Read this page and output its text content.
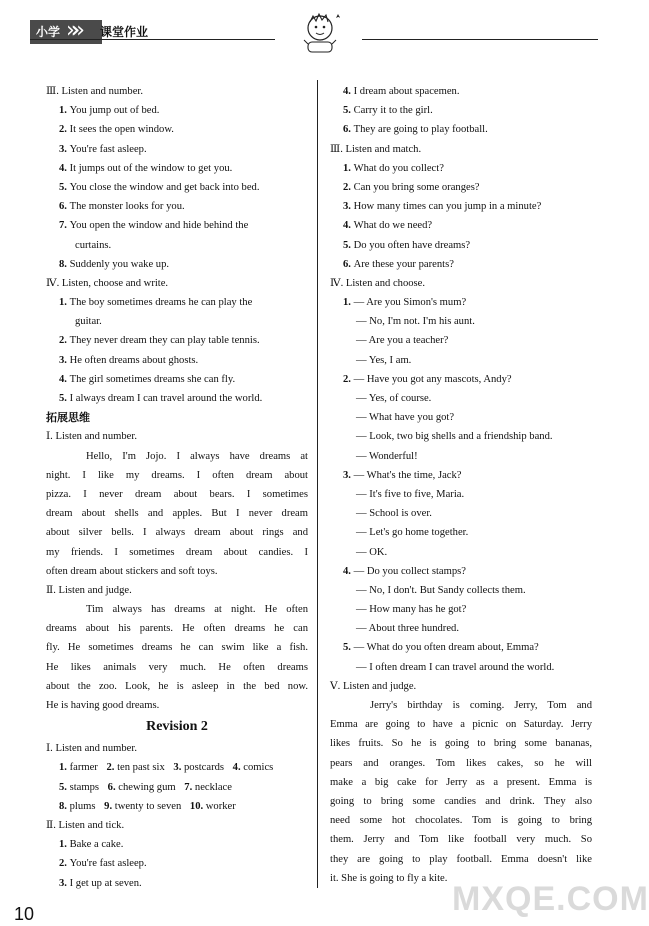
小学 »» 课堂作业
Ⅲ. Listen and number.
1. You jump out of bed.
2. It sees the open window.
3. You're fast asleep.
4. It jumps out of the window to get you.
5. You close the window and get back into bed.
6. The monster looks for you.
7. You open the window and hide behind the
curtains.
8. Suddenly you wake up.
Ⅳ. Listen, choose and write.
1. The boy sometimes dreams he can play the
guitar.
2. They never dream they can play table tennis.
3. He often dreams about ghosts.
4. The girl sometimes dreams she can fly.
5. I always dream I can travel around the world.
拓展思维
Ⅰ. Listen and number.
Hello, I'm Jojo. I always have dreams at
night. I like my dreams. I often dream about
pizza. I never dream about bears. I sometimes
dream about shells and apples. But I never dream
about silver bells. I always dream about rings and
my friends. I sometimes dream about candies. I
often dream about stickers and soft toys.
Ⅱ. Listen and judge.
Tim always has dreams at night. He often
dreams about his parents. He often dreams he can
fly. He sometimes dreams he can swim like a fish.
He likes animals very much. He often dreams
about the zoo. Look, he is asleep in the bed now.
He is having good dreams.
Revision 2
Ⅰ. Listen and number.
1. farmer 2. ten past six 3. postcards 4. comics
5. stamps 6. chewing gum 7. necklace
8. plums 9. twenty to seven 10. worker
Ⅱ. Listen and tick.
1. Bake a cake.
2. You're fast asleep.
3. I get up at seven.
4. I dream about spacemen.
5. Carry it to the girl.
6. They are going to play football.
Ⅲ. Listen and match.
1. What do you collect?
2. Can you bring some oranges?
3. How many times can you jump in a minute?
4. What do we need?
5. Do you often have dreams?
6. Are these your parents?
Ⅳ. Listen and choose.
1. — Are you Simon's mum?
— No, I'm not. I'm his aunt.
— Are you a teacher?
— Yes, I am.
2. — Have you got any mascots, Andy?
— Yes, of course.
— What have you got?
— Look, two big shells and a friendship band.
— Wonderful!
3. — What's the time, Jack?
— It's five to five, Maria.
— School is over.
— Let's go home together.
— OK.
4. — Do you collect stamps?
— No, I don't. But Sandy collects them.
— How many has he got?
— About three hundred.
5. — What do you often dream about, Emma?
— I often dream I can travel around the world.
Ⅴ. Listen and judge.
Jerry's birthday is coming. Jerry, Tom and
Emma are going to have a picnic on Saturday. Jerry
likes fruits. So he is going to bring some bananas,
pears and oranges. Tom likes cakes, so he will
make a big cake for Jerry as a present. Emma is
going to bring some candies and drink. They also
need some hot chocolates. Tom is going to bring
them. Jerry and Tom like football very much. So
they are going to play football. Emma doesn't like
it. She is going to fly a kite.
10	MXQE.COM
